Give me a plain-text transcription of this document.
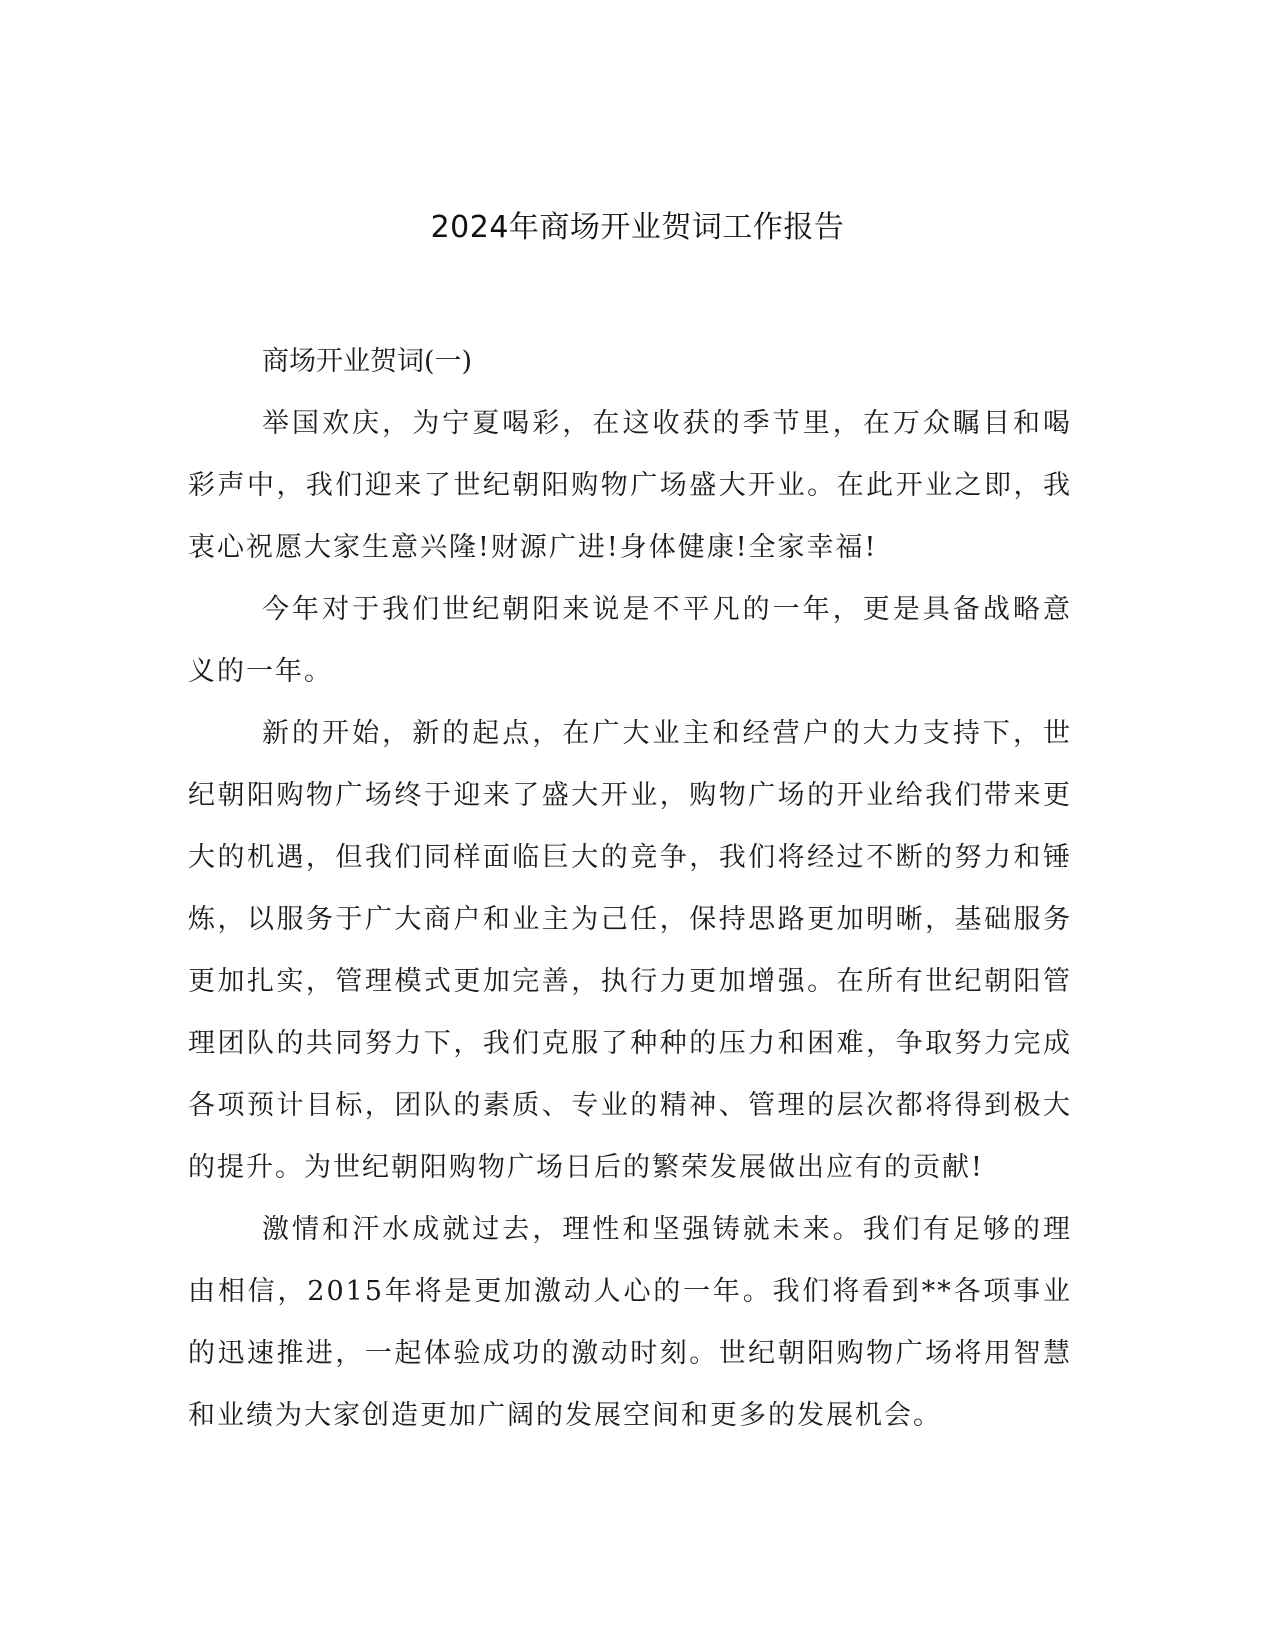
2024年商场开业贺词工作报告

商场开业贺词(一)

举国欢庆，为宁夏喝彩，在这收获的季节里，在万众瞩目和喝彩声中，我们迎来了世纪朝阳购物广场盛大开业。在此开业之即，我衷心祝愿大家生意兴隆!财源广进!身体健康!全家幸福!

今年对于我们世纪朝阳来说是不平凡的一年，更是具备战略意义的一年。

新的开始，新的起点，在广大业主和经营户的大力支持下，世纪朝阳购物广场终于迎来了盛大开业，购物广场的开业给我们带来更大的机遇，但我们同样面临巨大的竞争，我们将经过不断的努力和锤炼，以服务于广大商户和业主为己任，保持思路更加明晰，基础服务更加扎实，管理模式更加完善，执行力更加增强。在所有世纪朝阳管理团队的共同努力下，我们克服了种种的压力和困难，争取努力完成各项预计目标，团队的素质、专业的精神、管理的层次都将得到极大的提升。为世纪朝阳购物广场日后的繁荣发展做出应有的贡献!

激情和汗水成就过去，理性和坚强铸就未来。我们有足够的理由相信，2015年将是更加激动人心的一年。我们将看到**各项事业的迅速推进，一起体验成功的激动时刻。世纪朝阳购物广场将用智慧和业绩为大家创造更加广阔的发展空间和更多的发展机会。
